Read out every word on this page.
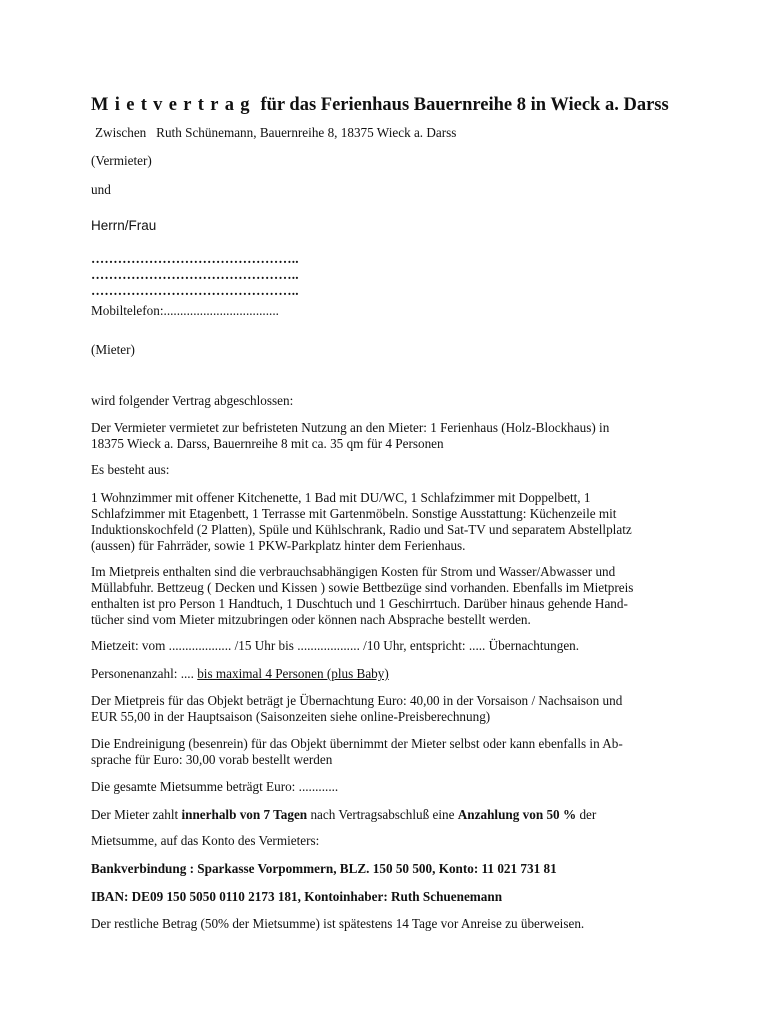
Mietvertrag für das Ferienhaus Bauernreihe 8 in Wieck a. Darss
Zwischen Ruth Schünemann, Bauernreihe 8, 18375 Wieck a. Darss
(Vermieter)
und
Herrn/Frau
………………………………………..
………………………………………..
………………………………………..
Mobiltelefon:...................................
(Mieter)
wird folgender Vertrag abgeschlossen:
Der Vermieter vermietet zur befristeten Nutzung an den Mieter: 1 Ferienhaus (Holz-Blockhaus) in
18375 Wieck a. Darss, Bauernreihe 8 mit ca. 35 qm für 4 Personen
Es besteht aus:
1 Wohnzimmer mit offener Kitchenette, 1 Bad mit DU/WC, 1 Schlafzimmer mit Doppelbett, 1
Schlafzimmer mit Etagenbett, 1 Terrasse mit Gartenmöbeln. Sonstige Ausstattung: Küchenzeile mit
Induktionskochfeld (2 Platten), Spüle und Kühlschrank, Radio und Sat-TV und separatem Abstellplatz
(aussen) für Fahrräder, sowie 1 PKW-Parkplatz hinter dem Ferienhaus.
Im Mietpreis enthalten sind die verbrauchsabhängigen Kosten für Strom und Wasser/Abwasser und
Müllabfuhr. Bettzeug ( Decken und Kissen ) sowie Bettbezüge sind vorhanden. Ebenfalls im Mietpreis
enthalten ist pro Person 1 Handtuch, 1 Duschtuch und 1 Geschirrtuch. Darüber hinaus gehende Hand-
tücher sind vom Mieter mitzubringen oder können nach Absprache bestellt werden.
Mietzeit: vom ................... /15 Uhr bis ................... /10 Uhr, entspricht: ..... Übernachtungen.
Personenanzahl: .... bis maximal 4 Personen (plus Baby)
Der Mietpreis für das Objekt beträgt je Übernachtung Euro: 40,00 in der Vorsaison / Nachsaison und
EUR 55,00 in der Hauptsaison (Saisonzeiten siehe online-Preisberechnung)
Die Endreinigung (besenrein) für das Objekt übernimmt der Mieter selbst oder kann ebenfalls in Ab-
sprache für Euro: 30,00 vorab bestellt werden
Die gesamte Mietsumme beträgt Euro: ............
Der Mieter zahlt innerhalb von 7 Tagen nach Vertragsabschluß eine Anzahlung von 50 % der
Mietsumme, auf das Konto des Vermieters:
Bankverbindung : Sparkasse Vorpommern, BLZ. 150 50 500, Konto: 11 021 731 81
IBAN: DE09 150 5050 0110 2173 181, Kontoinhaber: Ruth Schuenemann
Der restliche Betrag (50% der Mietsumme) ist spätestens 14 Tage vor Anreise zu überweisen.
